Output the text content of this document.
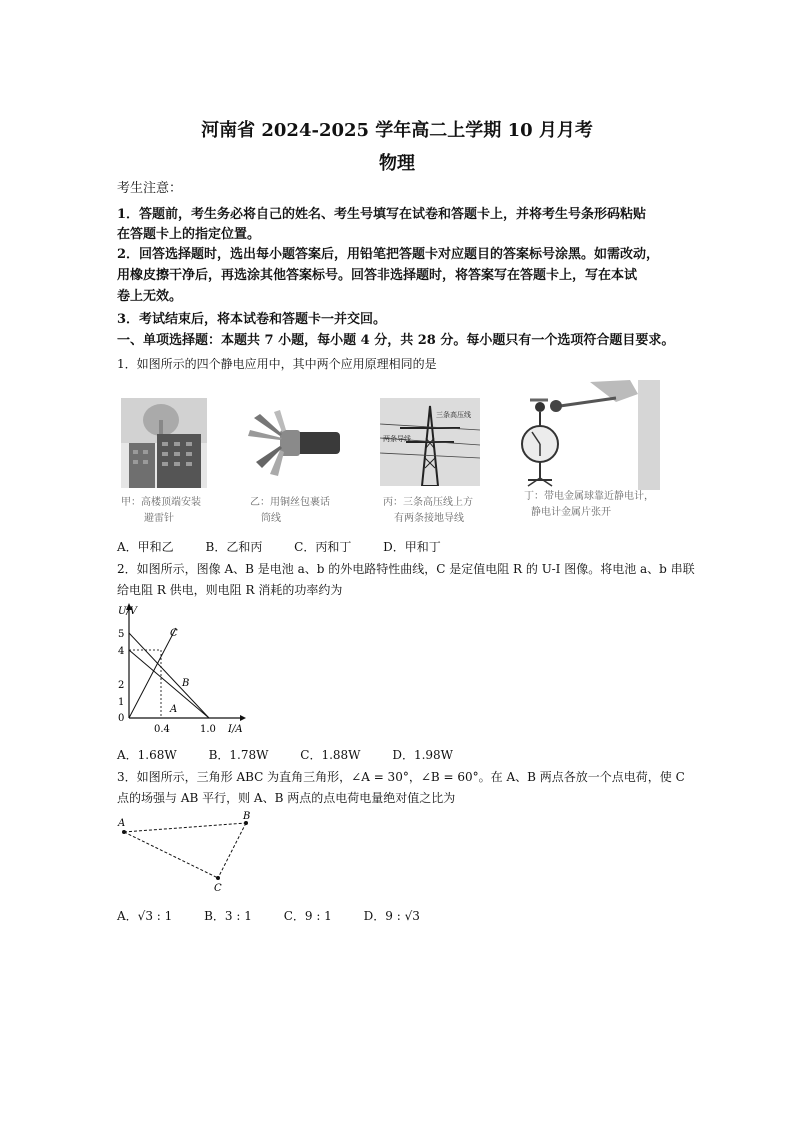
河南省 2024-2025 学年高二上学期 10 月月考
物理
考生注意：
1．答题前，考生务必将自己的姓名、考生号填写在试卷和答题卡上，并将考生号条形码粘贴
在答题卡上的指定位置。
2．回答选择题时，选出每小题答案后，用铅笔把答题卡对应题目的答案标号涂黑。如需改动，
用橡皮擦干净后，再选涂其他答案标号。回答非选择题时，将答案写在答题卡上，写在本试
卷上无效。
3．考试结束后，将本试卷和答题卡一并交回。
一、单项选择题：本题共 7 小题，每小题 4 分，共 28 分。每小题只有一个选项符合题目要求。
1．如图所示的四个静电应用中，其中两个应用原理相同的是
甲：高楼顶端安装
避雷针
乙：用铜丝包裹话
筒线
三条高压线
两条导线
丙：三条高压线上方
有两条接地导线
丁：带电金属球靠近静电计，
静电计金属片张开
A．甲和乙	B．乙和丙	C．丙和丁	D．甲和丁
2．如图所示，图像 A、B 是电池 a、b 的外电路特性曲线，C 是定值电阻 R 的 U-I 图像。将电池 a、b 串联
给电阻 R 供电，则电阻 R 消耗的功率约为
U/V
I/A
5
4
2
1
0
0.4	1.0
A
B
C
A．1.68W	B．1.78W	C．1.88W	D．1.98W
3．如图所示，三角形 ABC 为直角三角形，∠A = 30°，∠B = 60°。在 A、B 两点各放一个点电荷，使 C
点的场强与 AB 平行，则 A、B 两点的点电荷电量绝对值之比为
A
B
C
A．√3 : 1	B．3 : 1	C．9 : 1	D．9 : √3
